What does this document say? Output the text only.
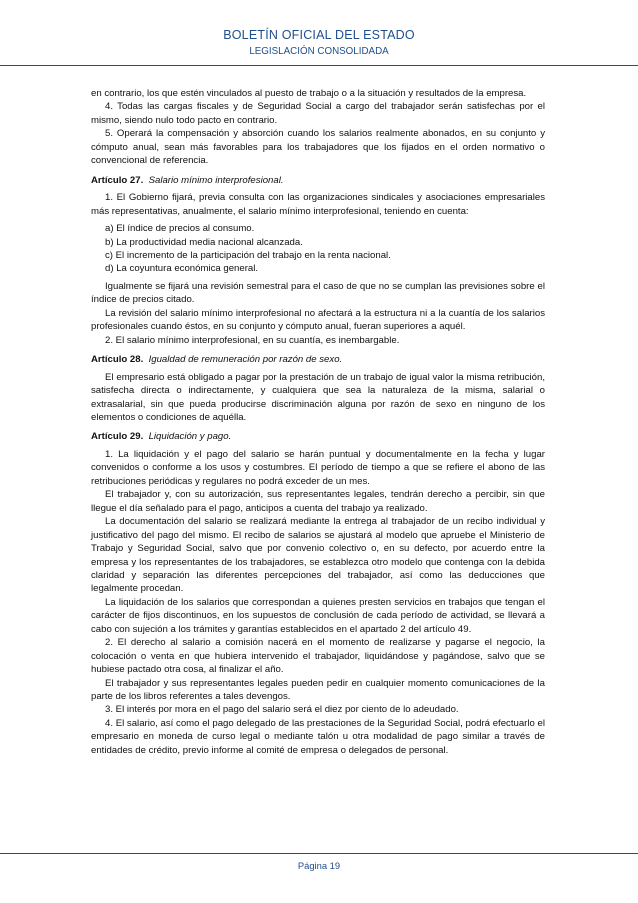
BOLETÍN OFICIAL DEL ESTADO
LEGISLACIÓN CONSOLIDADA

en contrario, los que estén vinculados al puesto de trabajo o a la situación y resultados de la empresa.

4. Todas las cargas fiscales y de Seguridad Social a cargo del trabajador serán satisfechas por el mismo, siendo nulo todo pacto en contrario.

5. Operará la compensación y absorción cuando los salarios realmente abonados, en su conjunto y cómputo anual, sean más favorables para los trabajadores que los fijados en el orden normativo o convencional de referencia.

Artículo 27. Salario mínimo interprofesional.

1. El Gobierno fijará, previa consulta con las organizaciones sindicales y asociaciones empresariales más representativas, anualmente, el salario mínimo interprofesional, teniendo en cuenta:

a) El índice de precios al consumo.

b) La productividad media nacional alcanzada.

c) El incremento de la participación del trabajo en la renta nacional.

d) La coyuntura económica general.

Igualmente se fijará una revisión semestral para el caso de que no se cumplan las previsiones sobre el índice de precios citado.

La revisión del salario mínimo interprofesional no afectará a la estructura ni a la cuantía de los salarios profesionales cuando éstos, en su conjunto y cómputo anual, fueran superiores a aquél.

2. El salario mínimo interprofesional, en su cuantía, es inembargable.

Artículo 28. Igualdad de remuneración por razón de sexo.

El empresario está obligado a pagar por la prestación de un trabajo de igual valor la misma retribución, satisfecha directa o indirectamente, y cualquiera que sea la naturaleza de la misma, salarial o extrasalarial, sin que pueda producirse discriminación alguna por razón de sexo en ninguno de los elementos o condiciones de aquélla.

Artículo 29. Liquidación y pago.

1. La liquidación y el pago del salario se harán puntual y documentalmente en la fecha y lugar convenidos o conforme a los usos y costumbres. El período de tiempo a que se refiere el abono de las retribuciones periódicas y regulares no podrá exceder de un mes.

El trabajador y, con su autorización, sus representantes legales, tendrán derecho a percibir, sin que llegue el día señalado para el pago, anticipos a cuenta del trabajo ya realizado.

La documentación del salario se realizará mediante la entrega al trabajador de un recibo individual y justificativo del pago del mismo. El recibo de salarios se ajustará al modelo que apruebe el Ministerio de Trabajo y Seguridad Social, salvo que por convenio colectivo o, en su defecto, por acuerdo entre la empresa y los representantes de los trabajadores, se establezca otro modelo que contenga con la debida claridad y separación las diferentes percepciones del trabajador, así como las deducciones que legalmente procedan.

La liquidación de los salarios que correspondan a quienes presten servicios en trabajos que tengan el carácter de fijos discontinuos, en los supuestos de conclusión de cada período de actividad, se llevará a cabo con sujeción a los trámites y garantías establecidos en el apartado 2 del artículo 49.

2. El derecho al salario a comisión nacerá en el momento de realizarse y pagarse el negocio, la colocación o venta en que hubiera intervenido el trabajador, liquidándose y pagándose, salvo que se hubiese pactado otra cosa, al finalizar el año.

El trabajador y sus representantes legales pueden pedir en cualquier momento comunicaciones de la parte de los libros referentes a tales devengos.

3. El interés por mora en el pago del salario será el diez por ciento de lo adeudado.

4. El salario, así como el pago delegado de las prestaciones de la Seguridad Social, podrá efectuarlo el empresario en moneda de curso legal o mediante talón u otra modalidad de pago similar a través de entidades de crédito, previo informe al comité de empresa o delegados de personal.

Página 19
